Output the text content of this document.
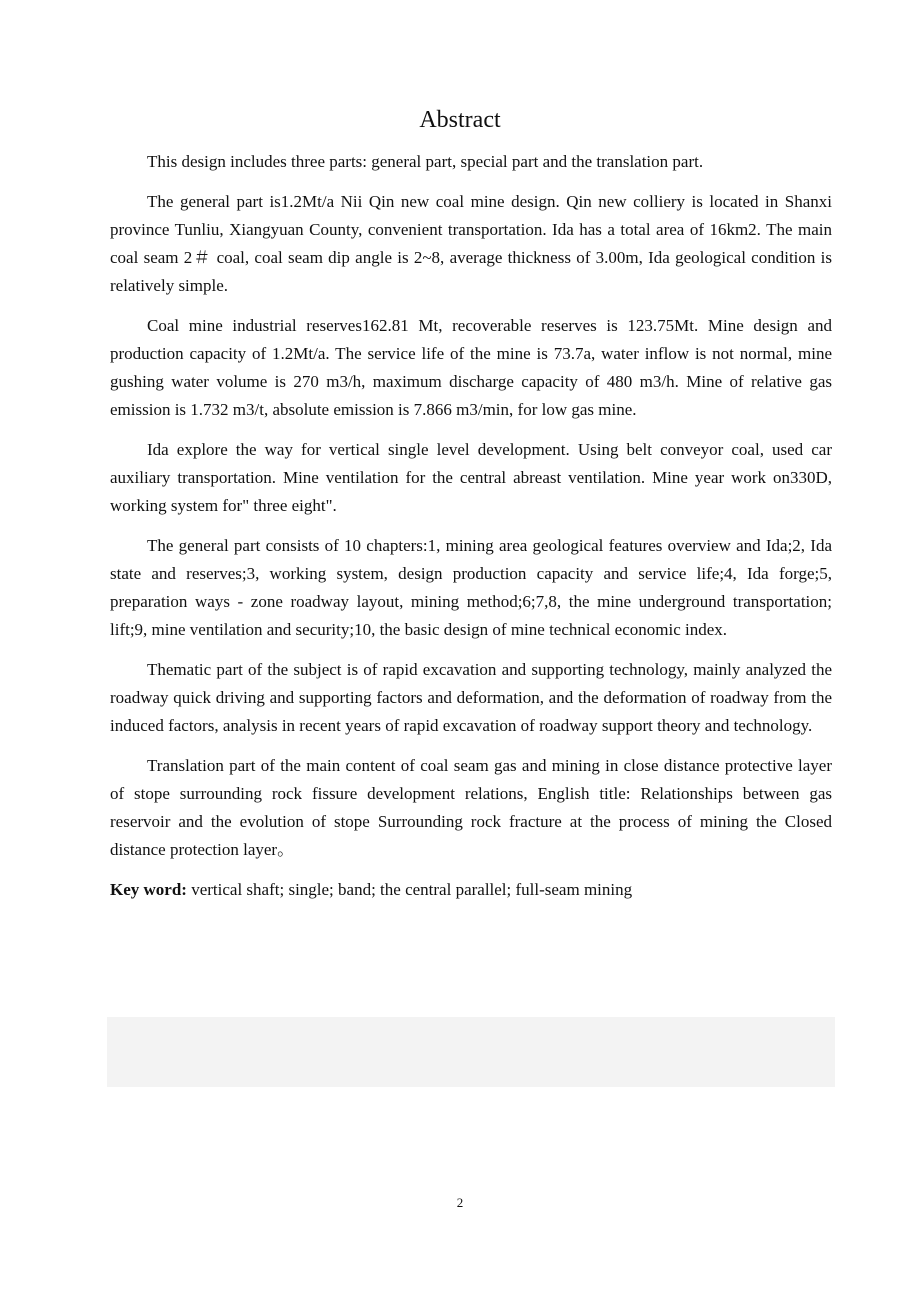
Abstract

This design includes three parts: general part, special part and the translation part.

The general part is1.2Mt/a Nii Qin new coal mine design. Qin new colliery is located in Shanxi province Tunliu, Xiangyuan County, convenient transportation. Ida has a total area of 16km2. The main coal seam 2＃ coal, coal seam dip angle is 2~8, average thickness of 3.00m, Ida geological condition is relatively simple.

Coal mine industrial reserves162.81 Mt, recoverable reserves is 123.75Mt. Mine design and production capacity of 1.2Mt/a. The service life of the mine is 73.7a, water inflow is not normal, mine gushing water volume is 270 m3/h, maximum discharge capacity of 480 m3/h. Mine of relative gas emission is 1.732 m3/t, absolute emission is 7.866 m3/min, for low gas mine.

Ida explore the way for vertical single level development. Using belt conveyor coal, used car auxiliary transportation. Mine ventilation for the central abreast ventilation. Mine year work on330D, working system for" three eight".

The general part consists of 10 chapters:1, mining area geological features overview and Ida;2, Ida state and reserves;3, working system, design production capacity and service life;4, Ida forge;5, preparation ways - zone roadway layout, mining method;6;7,8, the mine underground transportation; lift;9, mine ventilation and security;10, the basic design of mine technical economic index.

Thematic part of the subject is of rapid excavation and supporting technology, mainly analyzed the roadway quick driving and supporting factors and deformation, and the deformation of roadway from the induced factors, analysis in recent years of rapid excavation of roadway support theory and technology.

Translation part of the main content of coal seam gas and mining in close distance protective layer of stope surrounding rock fissure development relations, English title: Relationships between gas reservoir and the evolution of stope Surrounding rock fracture at the process of mining the Closed distance protection layer。

Key word: vertical shaft; single; band; the central parallel; full-seam mining

2
